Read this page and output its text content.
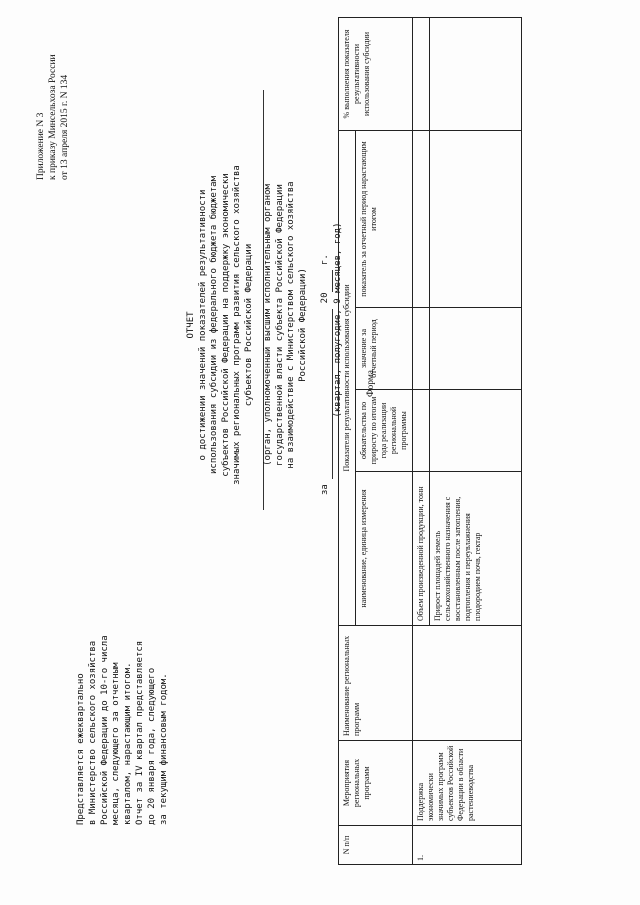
Приложение N 3 к приказу Минсельхоза России от 13 апреля 2015 г. N 134
Представляется ежеквартально в Министерство сельского хозяйства Российской Федерации до 10-го числа месяца, следующего за отчетным кварталом, нарастающим итогом. Отчет за IV квартал представляется до 20 января года, следующего за текущим финансовым годом.
Форма
ОТЧЕТ о достижении значений показателей результативности использования субсидии из федерального бюджета бюджетам субъектов Российской Федерации на поддержку экономически значимых региональных программ развития сельского хозяйства субъектов Российской Федерации (орган, уполномоченный высшим исполнительным органом государственной власти субъекта Российской Федерации на взаимодействие с Министерством сельского хозяйства Российской Федерации)
за   20  г. (квартал, полугодие, 9 месяцев, год)
N п/п	Мероприятия региональных программ	Наименование региональных программ	Показатели результативности использования субсидии				% выполнения показателя результативности использования субсидии
			наименование, единица измерения	обязательства по приросту по итогам года реализации региональной программы	значение за отчетный период	показатель за отчетный период нарастающим итогом	
1.	Поддержка экономически значимых программ субъектов Российской Федерации в области растениеводства		Объем произведенной продукции, тонн				
			Прирост площадей земель сельскохозяйственного назначения с восстановленным после затопления, подтопления и переувлажнения плодородием почв, гектар				
